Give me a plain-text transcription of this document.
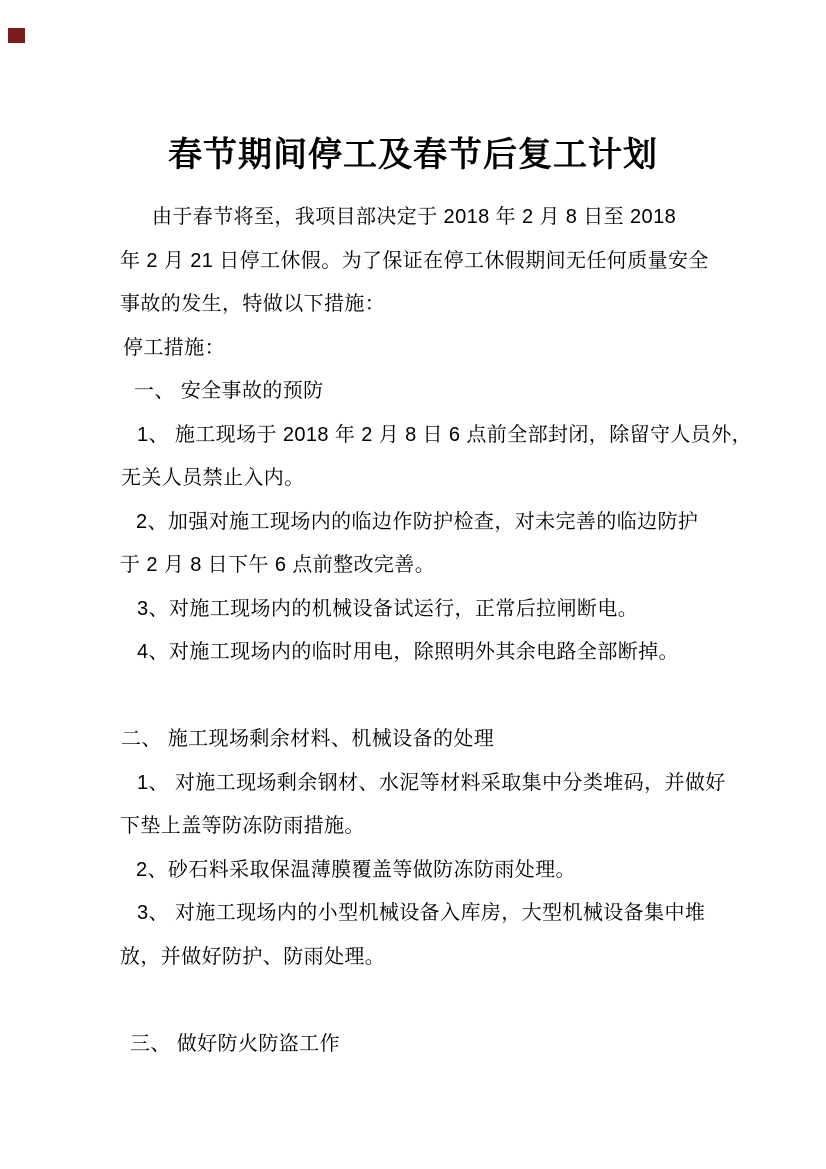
春节期间停工及春节后复工计划
由于春节将至，我项目部决定于 2018 年 2 月 8 日至 2018
年 2 月 21 日停工休假。为了保证在停工休假期间无任何质量安全
事故的发生，特做以下措施：
停工措施：
一、 安全事故的预防
1、 施工现场于 2018 年 2 月 8 日 6 点前全部封闭，除留守人员外，
无关人员禁止入内。
2、加强对施工现场内的临边作防护检查，对未完善的临边防护
于 2 月 8 日下午 6 点前整改完善。
3、对施工现场内的机械设备试运行，正常后拉闸断电。
4、对施工现场内的临时用电，除照明外其余电路全部断掉。
二、 施工现场剩余材料、机械设备的处理
1、 对施工现场剩余钢材、水泥等材料采取集中分类堆码，并做好
下垫上盖等防冻防雨措施。
2、砂石料采取保温薄膜覆盖等做防冻防雨处理。
3、 对施工现场内的小型机械设备入库房，大型机械设备集中堆
放，并做好防护、防雨处理。
三、 做好防火防盗工作
